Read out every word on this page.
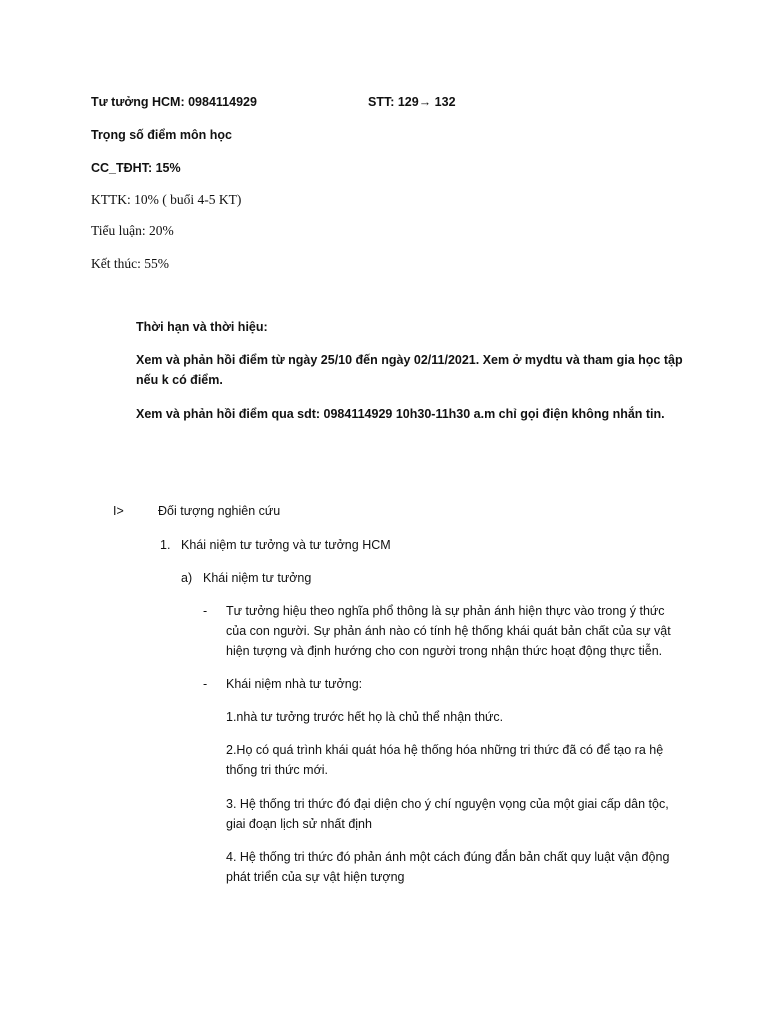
Tư tưởng HCM: 0984114929	STT: 129→ 132
Trọng số điểm môn học
CC_TĐHT: 15%
KTTK: 10% ( buổi 4-5 KT)
Tiểu luận: 20%
Kết thúc: 55%
Thời hạn và thời hiệu:
Xem và phản hồi điểm từ ngày 25/10 đến ngày 02/11/2021. Xem ở mydtu và tham gia học tập
nếu k có điểm.
Xem và phản hồi điểm qua sdt: 0984114929 10h30-11h30 a.m chỉ gọi điện không nhắn tin.
I>	Đối tượng nghiên cứu
1. Khái niệm tư tưởng và tư tưởng HCM
a) Khái niệm tư tưởng
- Tư tưởng hiệu theo nghĩa phổ thông là sự phản ánh hiện thực vào trong ý thức
của con người. Sự phản ánh nào có tính hệ thống khái quát bản chất của sự vật
hiện tượng và định hướng cho con người trong nhận thức hoạt động thực tiễn.
- Khái niệm nhà tư tưởng:
1.nhà tư tưởng trước hết họ là chủ thể nhận thức.
2.Họ có quá trình khái quát hóa hệ thống hóa những tri thức đã có để tạo ra hệ
thống tri thức mới.
3. Hệ thống tri thức đó đại diện cho ý chí nguyện vọng của một giai cấp dân tộc,
giai đoạn lịch sử nhất định
4. Hệ thống tri thức đó phản ánh một cách đúng đắn bản chất quy luật vận động
phát triển của sự vật hiện tượng
